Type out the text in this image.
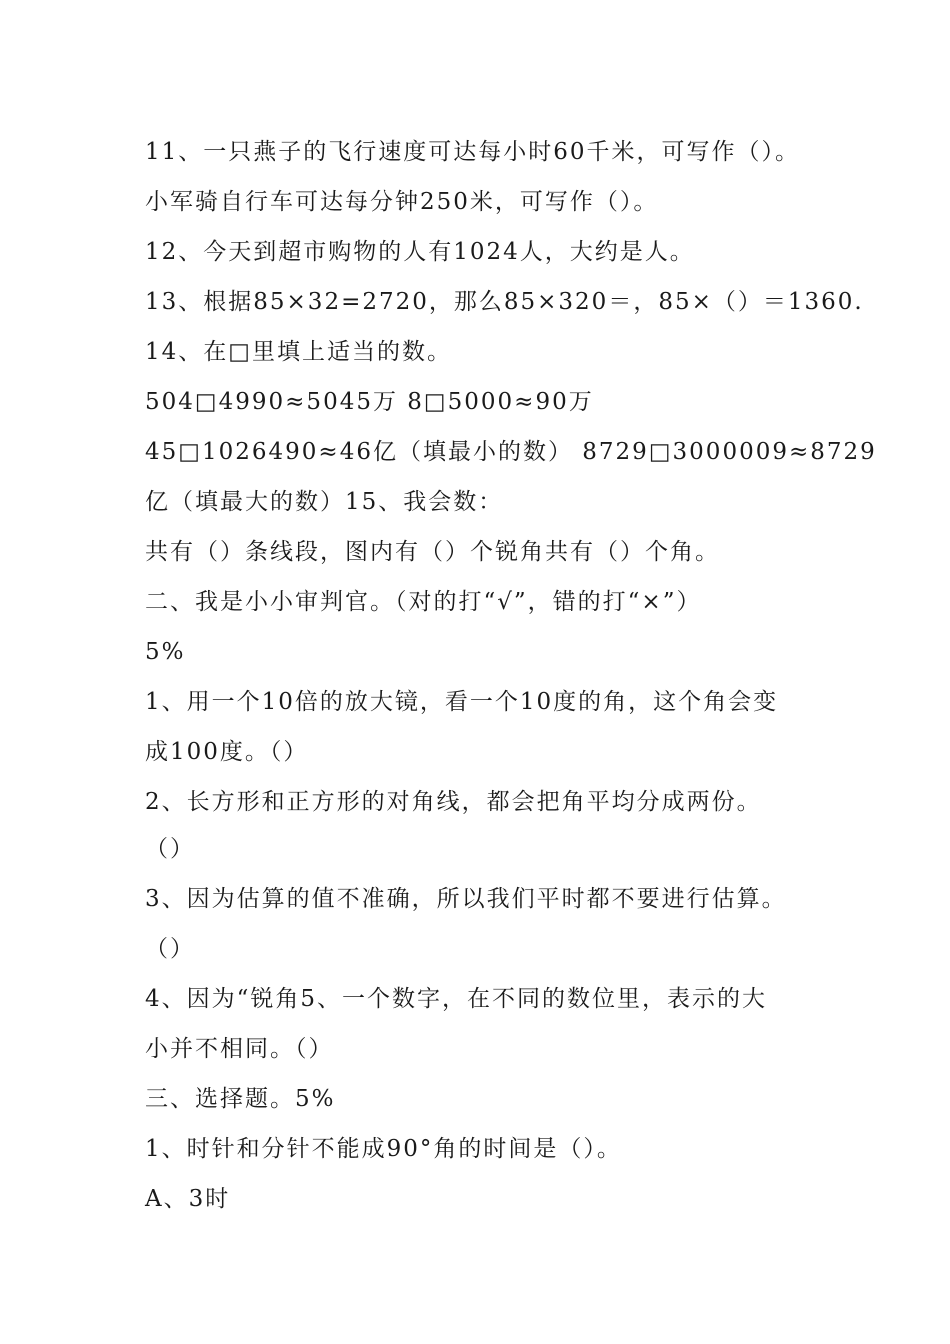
11、一只燕子的飞行速度可达每小时60千米，可写作（）。
小军骑自行车可达每分钟250米，可写作（）。
12、今天到超市购物的人有1024人，大约是人。
13、根据85×32=2720，那么85×320＝，85×（）＝1360.
14、在□里填上适当的数。
504□4990≈5045万 8□5000≈90万
45□1026490≈46亿（填最小的数） 8729□3000009≈8729
亿（填最大的数）15、我会数：
共有（）条线段，图内有（）个锐角共有（）个角。
二、我是小小审判官。（对的打“√”，错的打“×”）
5%
1、用一个10倍的放大镜，看一个10度的角，这个角会变
成100度。（）
2、长方形和正方形的对角线，都会把角平均分成两份。
（）
3、因为估算的值不准确，所以我们平时都不要进行估算。
（）
4、因为“锐角5、一个数字，在不同的数位里，表示的大
小并不相同。（）
三、选择题。5%
1、时针和分针不能成90°角的时间是（）。
A、3时
